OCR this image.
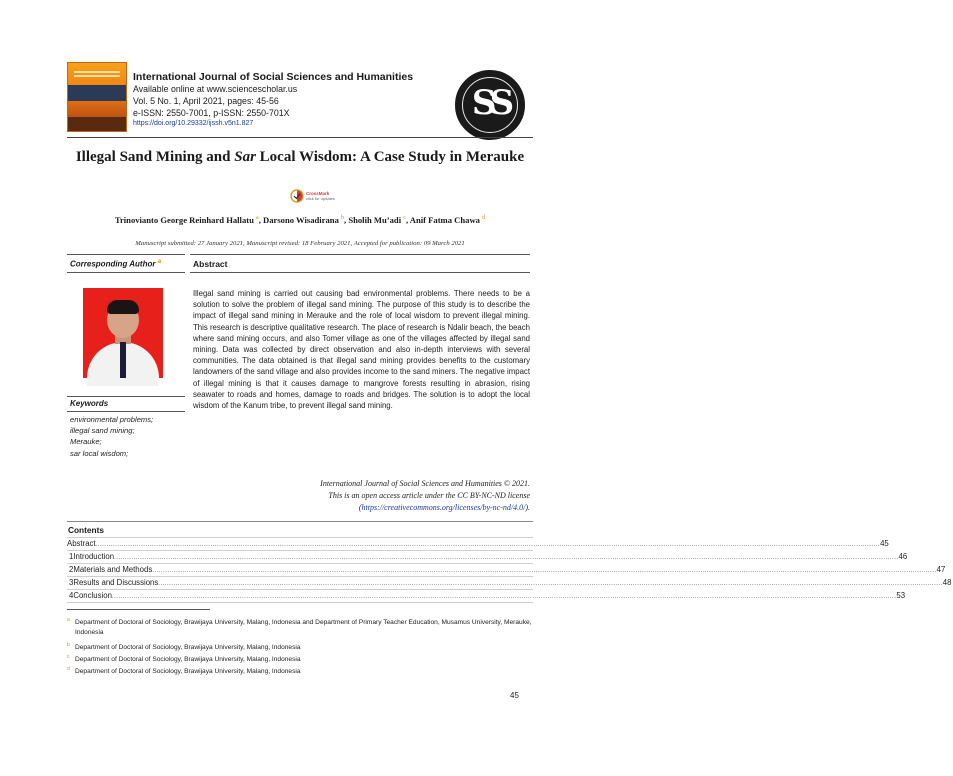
International Journal of Social Sciences and Humanities
Available online at www.sciencescholar.us
Vol. 5 No. 1, April 2021, pages: 45-56
e-ISSN: 2550-7001, p-ISSN: 2550-701X
https://doi.org/10.29332/ijssh.v5n1.827
SS
Illegal Sand Mining and Sar Local Wisdom: A Case Study in Merauke
CrossMark
click for updates
Trinovianto George Reinhard Hallatu $^a$, Darsono Wisadirana $^b$, Sholih Mu’adi $^c$, Anif Fatma Chawa $^d$
Manuscript submitted: 27 January 2021, Manuscript revised: 18 February 2021, Accepted for publication: 09 March 2021
Corresponding Author $^a$	Abstract
Keywords
environmental problems;
illegal sand mining;
Merauke;
sar local wisdom;
Illegal sand mining is carried out causing bad environmental problems. There needs to be a solution to solve the problem of illegal sand mining. The purpose of this study is to describe the impact of illegal sand mining in Merauke and the role of local wisdom to prevent illegal mining. This research is descriptive qualitative research. The place of research is Ndalir beach, the beach where sand mining occurs, and also Tomer village as one of the villages affected by illegal sand mining. Data was collected by direct observation and also in-depth interviews with several communities. The data obtained is that illegal sand mining provides benefits to the customary landowners of the sand village and also provides income to the sand miners. The negative impact of illegal mining is that it causes damage to mangrove forests resulting in abrasion, rising seawater to roads and homes, damage to roads and bridges. The solution is to adopt the local wisdom of the Kanum tribe, to prevent illegal sand mining.
International Journal of Social Sciences and Humanities © 2021.
This is an open access article under the CC BY-NC-ND license
(https://creativecommons.org/licenses/by-nc-nd/4.0/).
Contents
Abstract .......................................................................................................................................................................................................................................................................................................................................................................... 45
1 Introduction .......................................................................................................................................................................................................................................................................................................................................................................... 46
2 Materials and Methods .......................................................................................................................................................................................................................................................................................................................................................................... 47
3 Results and Discussions .......................................................................................................................................................................................................................................................................................................................................................................... 48
4 Conclusion .......................................................................................................................................................................................................................................................................................................................................................................... 53
$^a$ Department of Doctoral of Sociology, Brawijaya University, Malang, Indonesia and Department of Primary Teacher Education, Musamus University, Merauke, Indonesia
$^b$ Department of Doctoral of Sociology, Brawijaya University, Malang, Indonesia
$^c$ Department of Doctoral of Sociology, Brawijaya University, Malang, Indonesia
$^d$ Department of Doctoral of Sociology, Brawijaya University, Malang, Indonesia
45
